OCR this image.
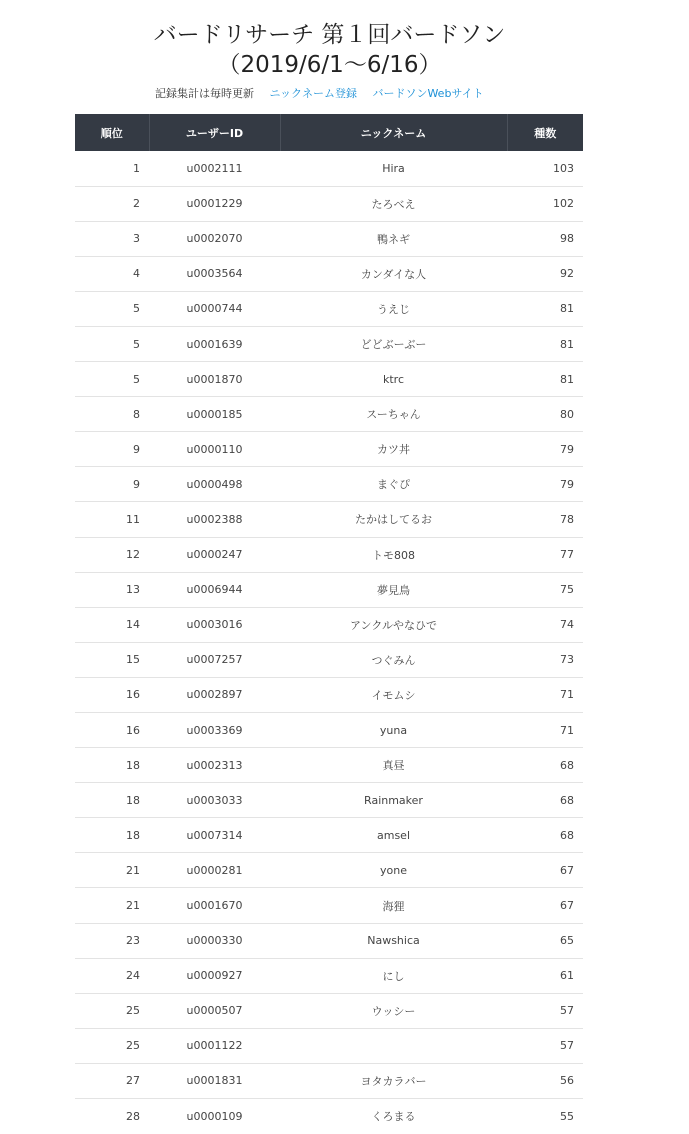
バードリサーチ 第１回バードソン
（2019/6/1〜6/16）
記録集計は毎時更新 ニックネーム登録 バードソンWebサイト
順位	ユーザーID	ニックネーム	種数
1	u0002111	Hira	103
2	u0001229	たろべえ	102
3	u0002070	鴨ネギ	98
4	u0003564	カンダイな人	92
5	u0000744	うえじ	81
5	u0001639	どどぶーぶー	81
5	u0001870	ktrc	81
8	u0000185	スーちゃん	80
9	u0000110	カツ丼	79
9	u0000498	まぐぴ	79
11	u0002388	たかはしてるお	78
12	u0000247	トモ808	77
13	u0006944	夢見鳥	75
14	u0003016	アンクルやなひで	74
15	u0007257	つぐみん	73
16	u0002897	イモムシ	71
16	u0003369	yuna	71
18	u0002313	真昼	68
18	u0003033	Rainmaker	68
18	u0007314	amsel	68
21	u0000281	yone	67
21	u0001670	海狸	67
23	u0000330	Nawshica	65
24	u0000927	にし	61
25	u0000507	ウッシー	57
25	u0001122		57
27	u0001831	ヨタカラバー	56
28	u0000109	くろまる	55
